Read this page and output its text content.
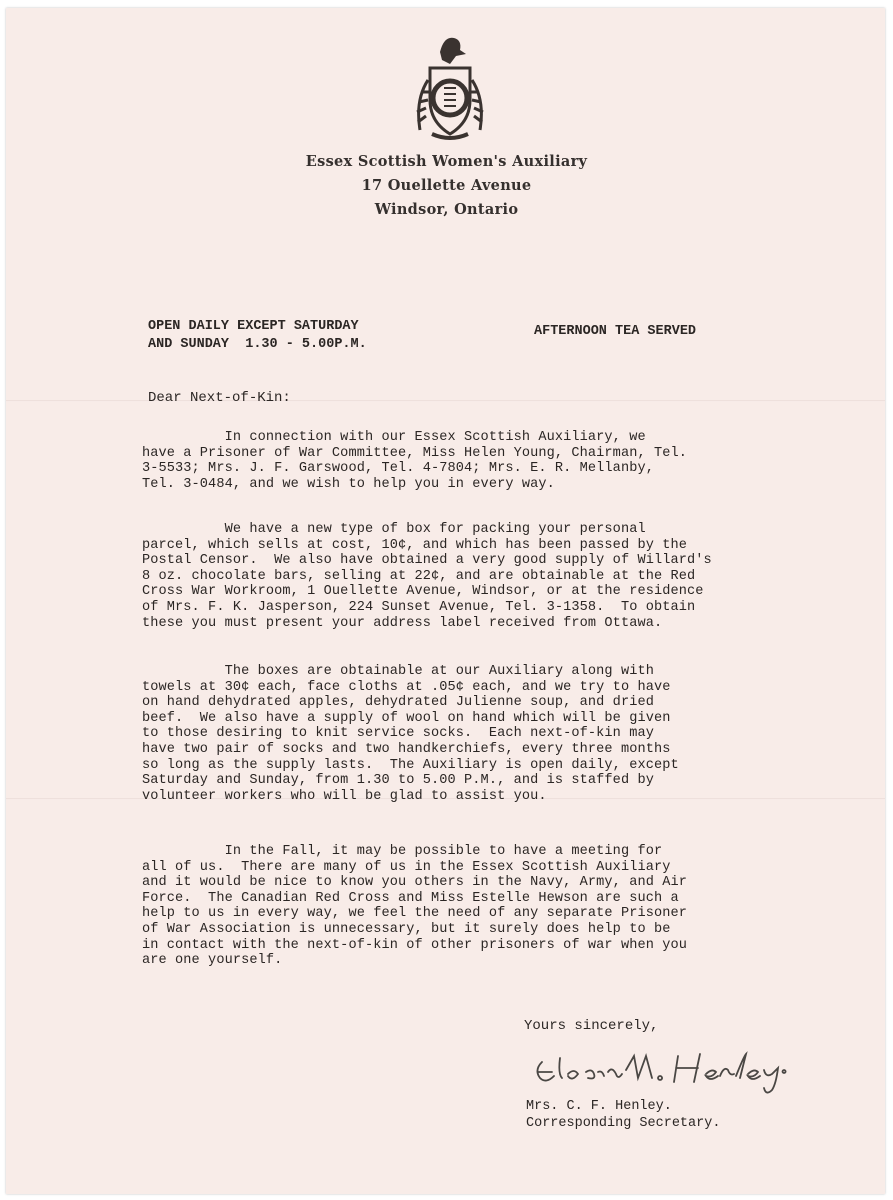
Essex Scottish Women's Auxiliary
17 Ouellette Avenue
Windsor, Ontario
OPEN DAILY EXCEPT SATURDAY
AND SUNDAY  1.30 - 5.00P.M.
AFTERNOON TEA SERVED
Dear Next-of-Kin:
In connection with our Essex Scottish Auxiliary, we
have a Prisoner of War Committee, Miss Helen Young, Chairman, Tel.
3-5533; Mrs. J. F. Garswood, Tel. 4-7804; Mrs. E. R. Mellanby,
Tel. 3-0484, and we wish to help you in every way.
We have a new type of box for packing your personal
parcel, which sells at cost, 10¢, and which has been passed by the
Postal Censor.  We also have obtained a very good supply of Willard's
8 oz. chocolate bars, selling at 22¢, and are obtainable at the Red
Cross War Workroom, 1 Ouellette Avenue, Windsor, or at the residence
of Mrs. F. K. Jasperson, 224 Sunset Avenue, Tel. 3-1358.  To obtain
these you must present your address label received from Ottawa.
The boxes are obtainable at our Auxiliary along with
towels at 30¢ each, face cloths at .05¢ each, and we try to have
on hand dehydrated apples, dehydrated Julienne soup, and dried
beef.  We also have a supply of wool on hand which will be given
to those desiring to knit service socks.  Each next-of-kin may
have two pair of socks and two handkerchiefs, every three months
so long as the supply lasts.  The Auxiliary is open daily, except
Saturday and Sunday, from 1.30 to 5.00 P.M., and is staffed by
volunteer workers who will be glad to assist you.
In the Fall, it may be possible to have a meeting for
all of us.  There are many of us in the Essex Scottish Auxiliary
and it would be nice to know you others in the Navy, Army, and Air
Force.  The Canadian Red Cross and Miss Estelle Hewson are such a
help to us in every way, we feel the need of any separate Prisoner
of War Association is unnecessary, but it surely does help to be
in contact with the next-of-kin of other prisoners of war when you
are one yourself.
Yours sincerely,
Mrs. C. F. Henley.
Corresponding Secretary.
